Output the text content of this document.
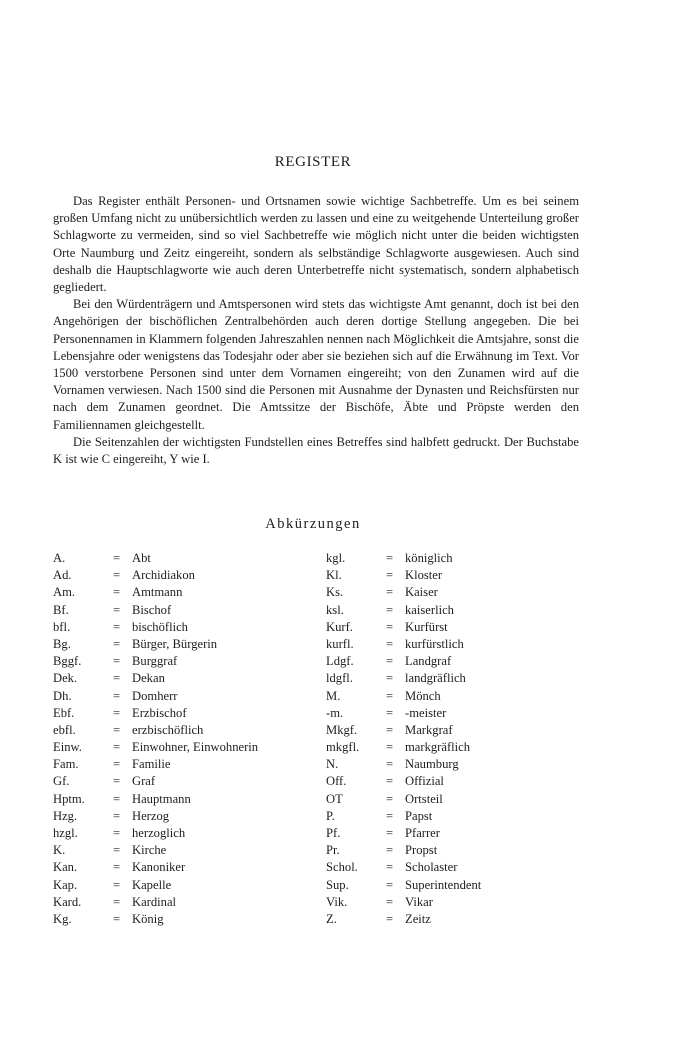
REGISTER

Das Register enthält Personen- und Ortsnamen sowie wichtige Sachbetreffe. Um es bei seinem großen Umfang nicht zu unübersichtlich werden zu lassen und eine zu weitgehende Unterteilung großer Schlagworte zu vermeiden, sind so viel Sachbetreffe wie möglich nicht unter die beiden wichtigsten Orte Naumburg und Zeitz eingereiht, sondern als selbständige Schlagworte ausgewiesen. Auch sind deshalb die Hauptschlagworte wie auch deren Unterbetreffe nicht systematisch, sondern alphabetisch gegliedert.

Bei den Würdenträgern und Amtspersonen wird stets das wichtigste Amt genannt, doch ist bei den Angehörigen der bischöflichen Zentralbehörden auch deren dortige Stellung angegeben. Die bei Personennamen in Klammern folgenden Jahreszahlen nennen nach Möglichkeit die Amtsjahre, sonst die Lebensjahre oder wenigstens das Todesjahr oder aber sie beziehen sich auf die Erwähnung im Text. Vor 1500 verstorbene Personen sind unter dem Vornamen eingereiht; von den Zunamen wird auf die Vornamen verwiesen. Nach 1500 sind die Personen mit Ausnahme der Dynasten und Reichsfürsten nur nach dem Zunamen geordnet. Die Amtssitze der Bischöfe, Äbte und Pröpste werden den Familiennamen gleichgestellt.

Die Seitenzahlen der wichtigsten Fundstellen eines Betreffes sind halbfett gedruckt. Der Buchstabe K ist wie C eingereiht, Y wie I.

Abkürzungen
A.	= Abt
Ad.	= Archidiakon
Am.	= Amtmann
Bf.	= Bischof
bfl.	= bischöflich
Bg.	= Bürger, Bürgerin
Bggf.	= Burggraf
Dek.	= Dekan
Dh.	= Domherr
Ebf.	= Erzbischof
ebfl.	= erzbischöflich
Einw.	= Einwohner, Einwohnerin
Fam.	= Familie
Gf.	= Graf
Hptm.	= Hauptmann
Hzg.	= Herzog
hzgl.	= herzoglich
K.	= Kirche
Kan.	= Kanoniker
Kap.	= Kapelle
Kard.	= Kardinal
Kg.	= König
kgl.	= königlich
Kl.	= Kloster
Ks.	= Kaiser
ksl.	= kaiserlich
Kurf.	= Kurfürst
kurfl.	= kurfürstlich
Ldgf.	= Landgraf
ldgfl.	= landgräflich
M.	= Mönch
-m.	= -meister
Mkgf.	= Markgraf
mkgfl.	= markgräflich
N.	= Naumburg
Off.	= Offizial
OT	= Ortsteil
P.	= Papst
Pf.	= Pfarrer
Pr.	= Propst
Schol.	= Scholaster
Sup.	= Superintendent
Vik.	= Vikar
Z.	= Zeitz
